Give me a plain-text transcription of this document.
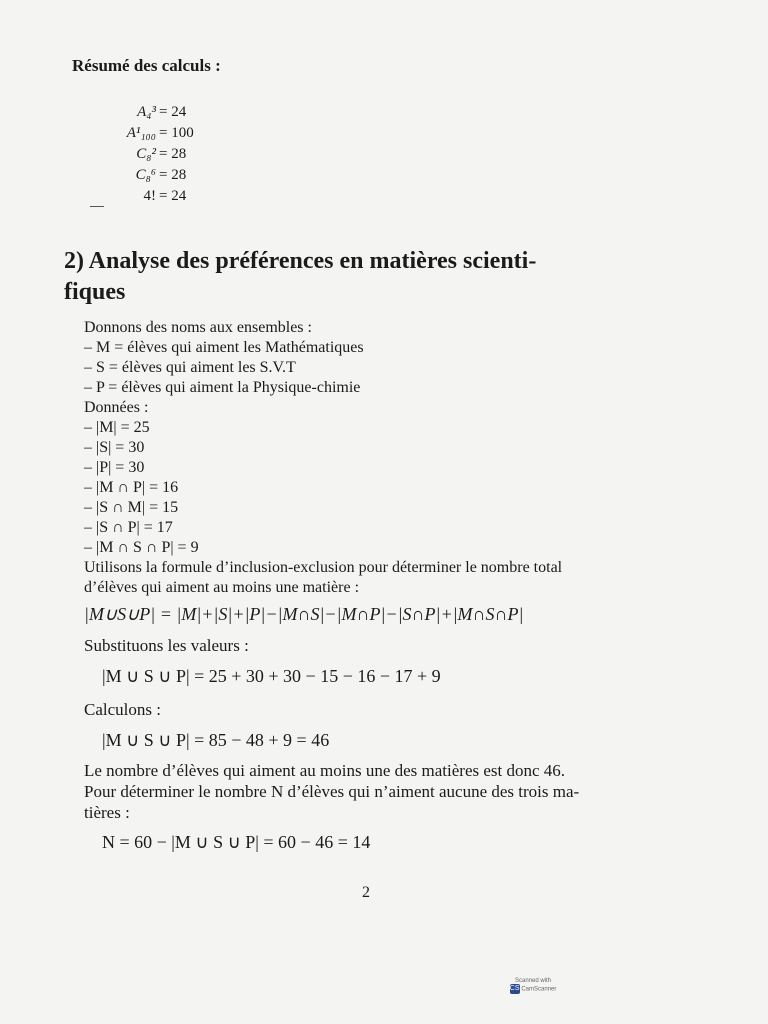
Résumé des calculs :
A₄³ = 24
A¹₁₀₀ = 100
C₈² = 28
C₈⁶ = 28
4! = 24
2) Analyse des préférences en matières scienti-
fiques
Donnons des noms aux ensembles :
– M = élèves qui aiment les Mathématiques
– S = élèves qui aiment les S.V.T
– P = élèves qui aiment la Physique-chimie
Données :
– |M| = 25
– |S| = 30
– |P| = 30
– |M ∩ P| = 16
– |S ∩ M| = 15
– |S ∩ P| = 17
– |M ∩ S ∩ P| = 9
Utilisons la formule d’inclusion-exclusion pour déterminer le nombre total
d’élèves qui aiment au moins une matière :
|M∪S∪P| = |M|+|S|+|P|−|M∩S|−|M∩P|−|S∩P|+|M∩S∩P|
Substituons les valeurs :
|M ∪ S ∪ P| = 25 + 30 + 30 − 15 − 16 − 17 + 9
Calculons :
|M ∪ S ∪ P| = 85 − 48 + 9 = 46
Le nombre d’élèves qui aiment au moins une des matières est donc 46.
Pour déterminer le nombre N d’élèves qui n’aiment aucune des trois ma-
tières :
N = 60 − |M ∪ S ∪ P| = 60 − 46 = 14
2
Scanned with
CS CamScanner
